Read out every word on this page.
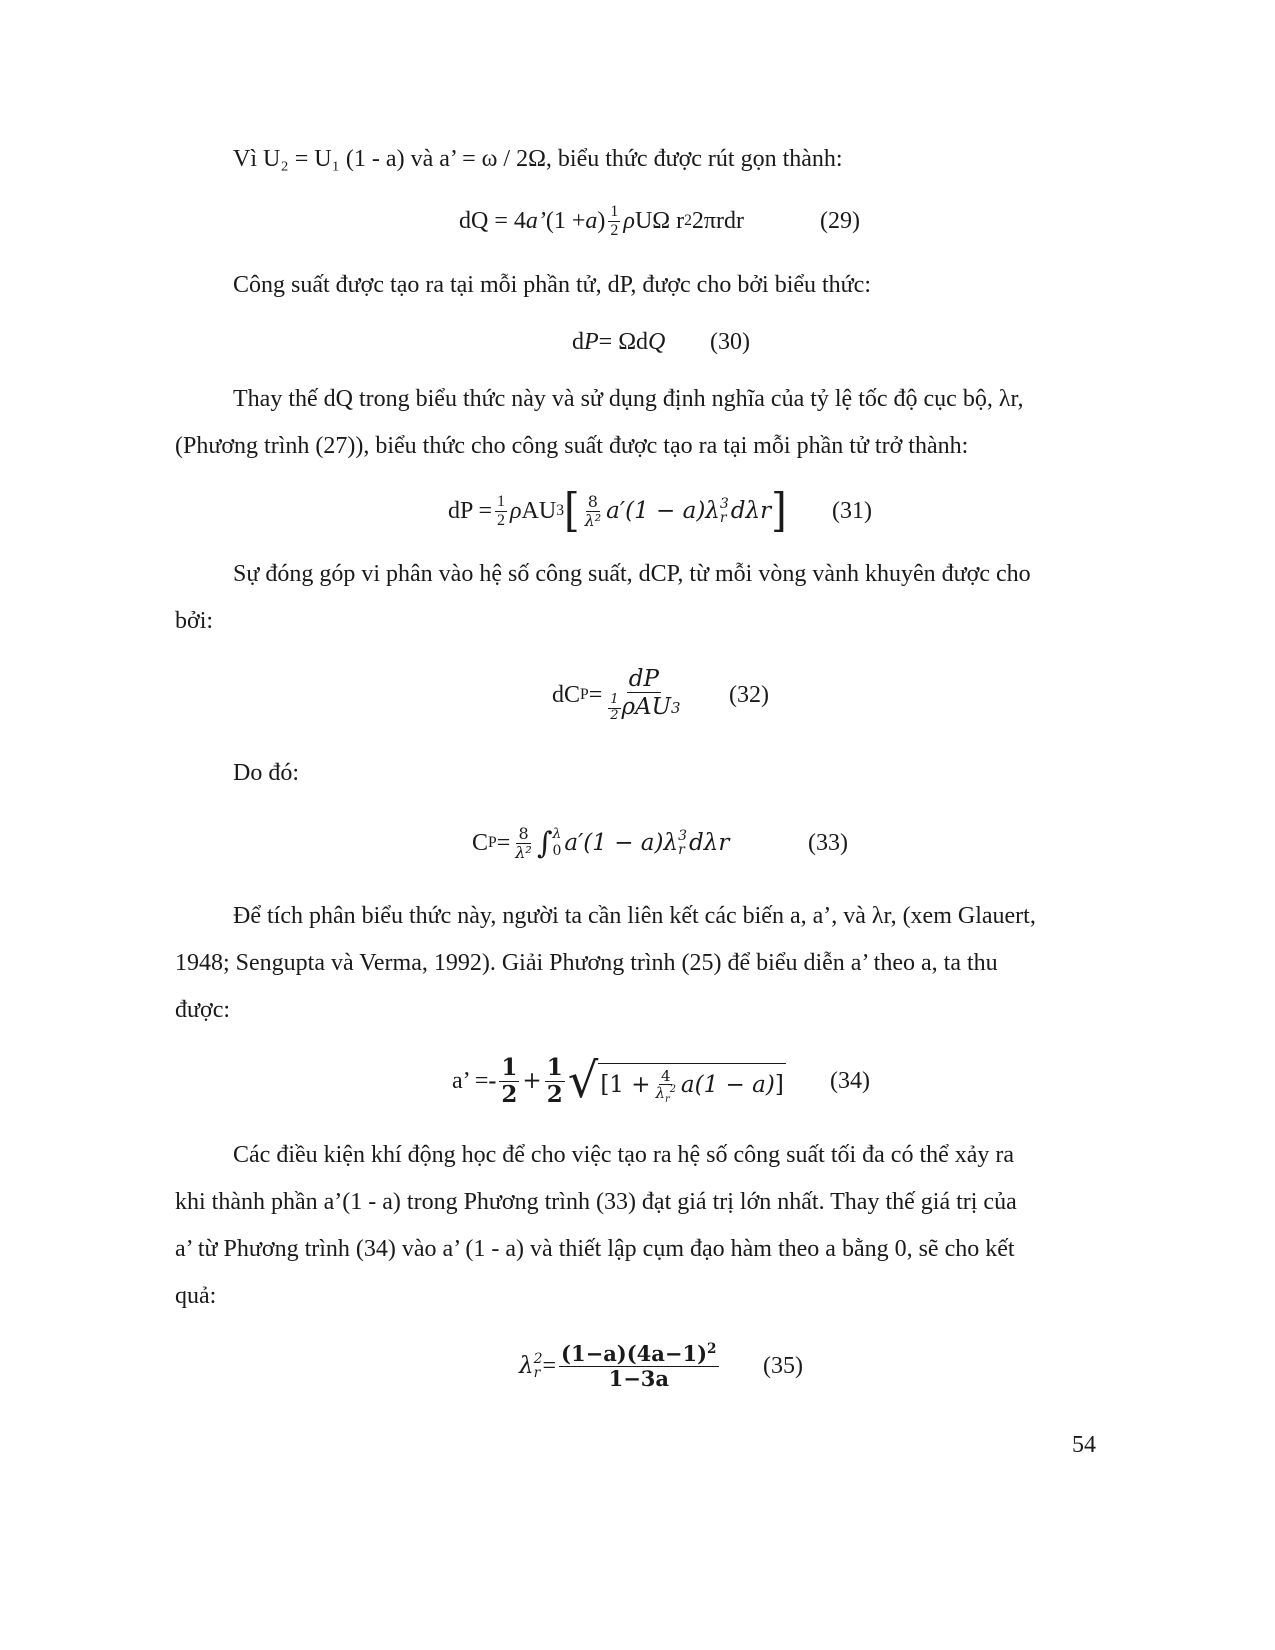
Vì U₂ = U₁ (1 - a) và a’ = ω / 2Ω, biểu thức được rút gọn thành:

dQ = 4 a’ (1 + a ) $\frac{1}{2}$ ρ UΩ r 2 2πrdr	(29)

Công suất được tạo ra tại mỗi phần tử, dP, được cho bởi biểu thức:

d P = Ωd Q (30)

Thay thế dQ trong biểu thức này và sử dụng định nghĩa của tỷ lệ tốc độ cục bộ, λr,
(Phương trình (27)), biểu thức cho công suất được tạo ra tại mỗi phần tử trở thành:

dP = $\frac{1}{2}$ ρ AU 3 [ $\frac{8}{\text{λ²}} a'(1 - a)\lambda$ 3
r dλ r ] (31)

Sự đóng góp vi phân vào hệ số công suất, dCP, từ mỗi vòng vành khuyên được cho
bởi:

dC $P = \frac{dP}{\frac{1}{2} \rho AU 3} (32)$

Do đó:

C $P = \frac{8}{\text{λ²}}$ ∫ λ
0 a′(1 − a)λ 3
r dλ r	(33)

Để tích phân biểu thức này, người ta cần liên kết các biến a, a’, và λr, (xem Glauert,
1948; Sengupta và Verma, 1992). Giải Phương trình (25) để biểu diễn a’ theo a, ta thu
được:

a’ = - $\frac{1}{2} + \frac{1}{2}$ √ [$1 + \frac{4}{\lambda_r^2} a(1 - a)$ ] (34)

Các điều kiện khí động học để cho việc tạo ra hệ số công suất tối đa có thể xảy ra
khi thành phần a’(1 - a) trong Phương trình (33) đạt giá trị lớn nhất. Thay thế giá trị của
a’ từ Phương trình (34) vào a’ (1 - a) và thiết lập cụm đạo hàm theo a bằng 0, sẽ cho kết
quả:

λ 2
$r = \frac{(1-a)(4a-1)^2}{1-3a} (35)$
54
